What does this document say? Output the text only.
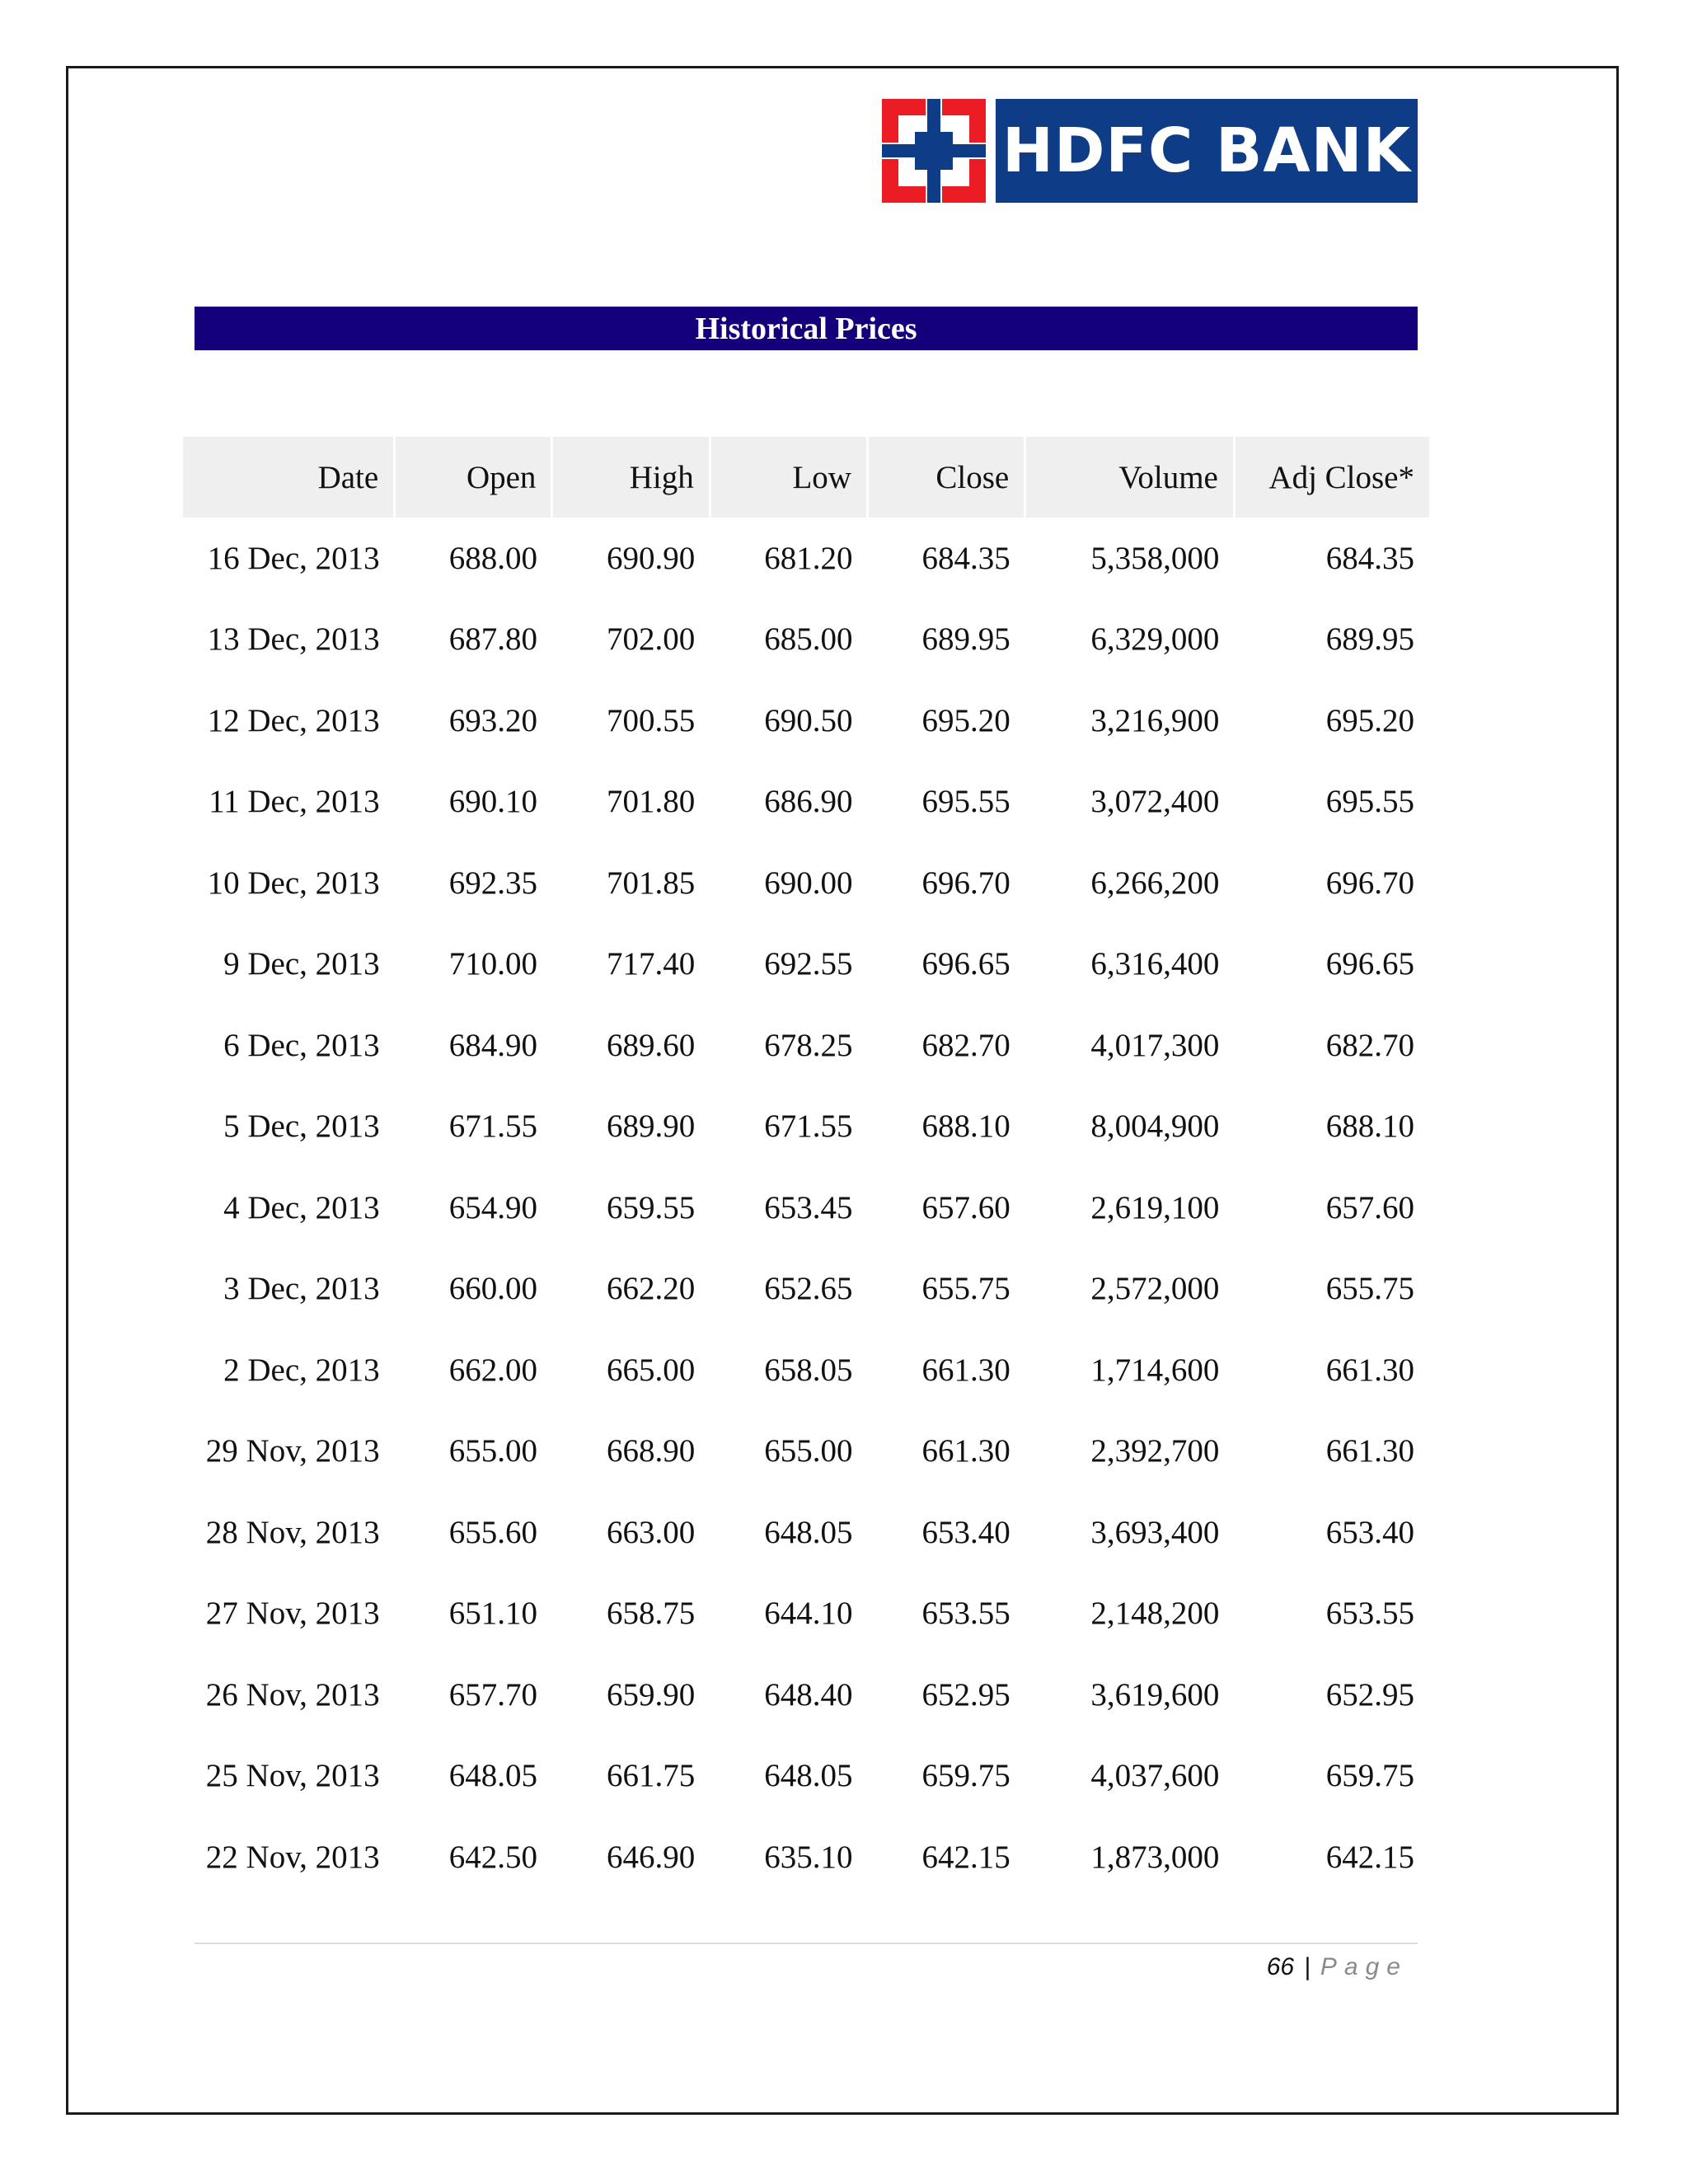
HDFC BANK
Historical Prices
Date	Open	High	Low	Close	Volume	Adj Close*
16 Dec, 2013	688.00	690.90	681.20	684.35	5,358,000	684.35
13 Dec, 2013	687.80	702.00	685.00	689.95	6,329,000	689.95
12 Dec, 2013	693.20	700.55	690.50	695.20	3,216,900	695.20
11 Dec, 2013	690.10	701.80	686.90	695.55	3,072,400	695.55
10 Dec, 2013	692.35	701.85	690.00	696.70	6,266,200	696.70
9 Dec, 2013	710.00	717.40	692.55	696.65	6,316,400	696.65
6 Dec, 2013	684.90	689.60	678.25	682.70	4,017,300	682.70
5 Dec, 2013	671.55	689.90	671.55	688.10	8,004,900	688.10
4 Dec, 2013	654.90	659.55	653.45	657.60	2,619,100	657.60
3 Dec, 2013	660.00	662.20	652.65	655.75	2,572,000	655.75
2 Dec, 2013	662.00	665.00	658.05	661.30	1,714,600	661.30
29 Nov, 2013	655.00	668.90	655.00	661.30	2,392,700	661.30
28 Nov, 2013	655.60	663.00	648.05	653.40	3,693,400	653.40
27 Nov, 2013	651.10	658.75	644.10	653.55	2,148,200	653.55
26 Nov, 2013	657.70	659.90	648.40	652.95	3,619,600	652.95
25 Nov, 2013	648.05	661.75	648.05	659.75	4,037,600	659.75
22 Nov, 2013	642.50	646.90	635.10	642.15	1,873,000	642.15
66 | Page
